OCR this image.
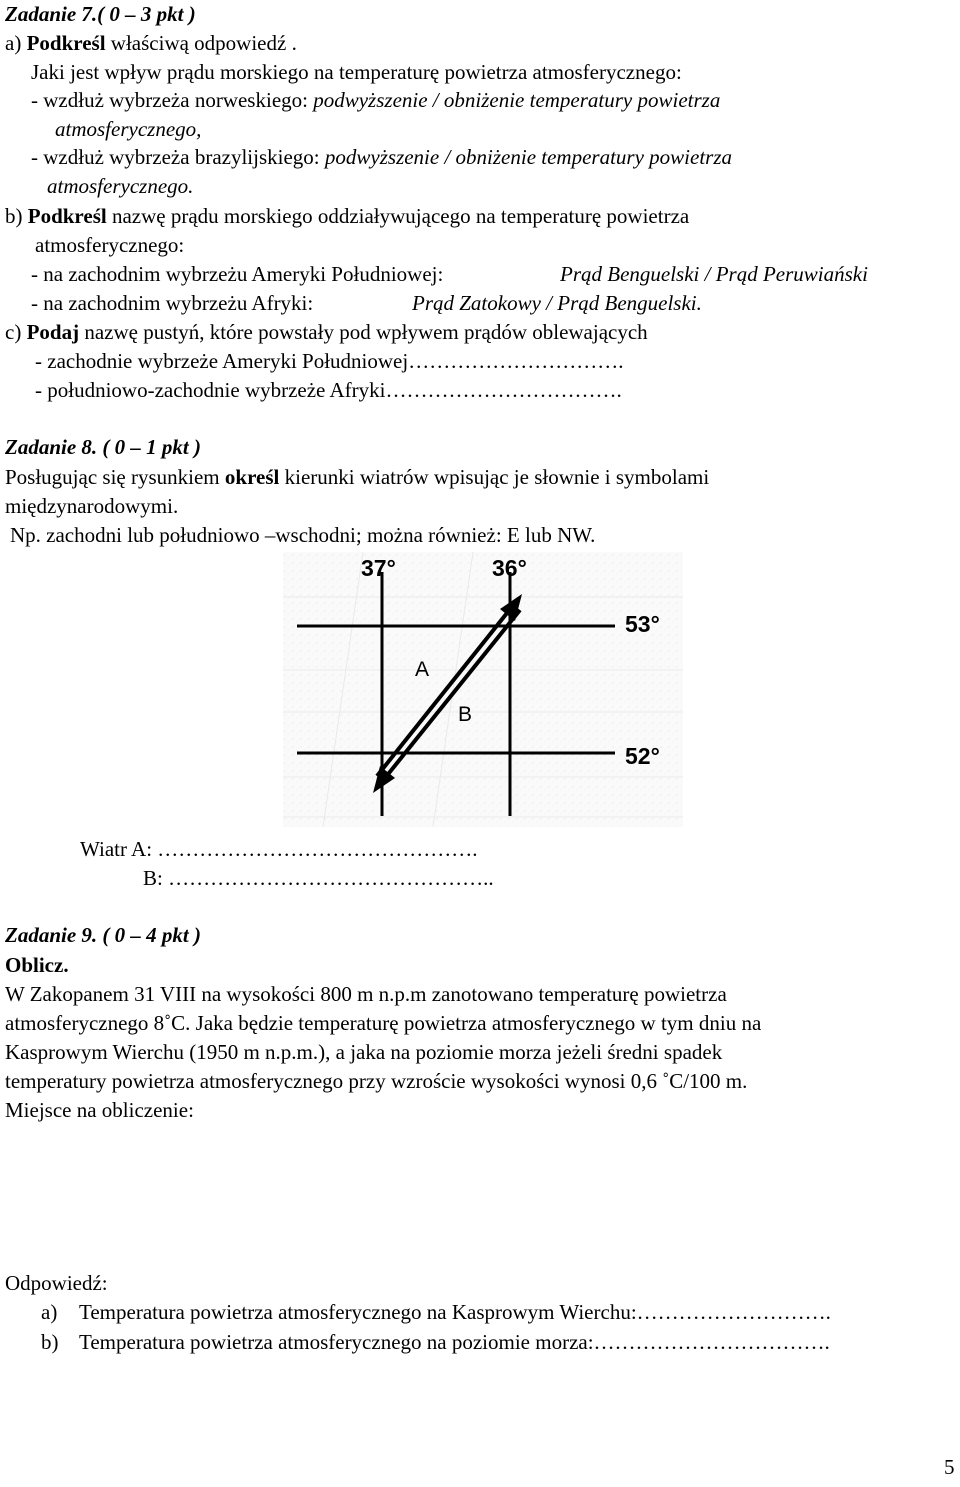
Zadanie 7.( 0 – 3 pkt )
a) Podkreśl właściwą odpowiedź .
Jaki jest wpływ prądu morskiego na temperaturę powietrza atmosferycznego:
- wzdłuż wybrzeża norweskiego: podwyższenie / obniżenie temperatury powietrza
atmosferycznego,
- wzdłuż wybrzeża brazylijskiego: podwyższenie / obniżenie temperatury powietrza
atmosferycznego.
b) Podkreśl nazwę prądu morskiego oddziaływującego na temperaturę powietrza
atmosferycznego:
- na zachodnim wybrzeżu Ameryki Południowej:	Prąd Benguelski / Prąd Peruwiański
- na zachodnim wybrzeżu Afryki:	Prąd Zatokowy / Prąd Benguelski.
c) Podaj nazwę pustyń, które powstały pod wpływem prądów oblewających
- zachodnie wybrzeże Ameryki Południowej………………………….
- południowo-zachodnie wybrzeże Afryki…………………………….
Zadanie 8. ( 0 – 1 pkt )
Posługując się rysunkiem określ kierunki wiatrów wpisując je słownie i symbolami
międzynarodowymi.
Np. zachodni lub południowo –wschodni; można również: E lub NW.
37°	36°
53°
52°
A
B
Wiatr A: ……………………………………….
B: ………………………………………..
Zadanie 9. ( 0 – 4 pkt )
Oblicz.
W Zakopanem 31 VIII na wysokości 800 m n.p.m zanotowano temperaturę powietrza
atmosferycznego 8˚C. Jaka będzie temperaturę powietrza atmosferycznego w tym dniu na
Kasprowym Wierchu (1950 m n.p.m.), a jaka na poziomie morza jeżeli średni spadek
temperatury powietrza atmosferycznego przy wzroście wysokości wynosi 0,6 ˚C/100 m.
Miejsce na obliczenie:
Odpowiedź:
a) Temperatura powietrza atmosferycznego na Kasprowym Wierchu:……………………….
b) Temperatura powietrza atmosferycznego na poziomie morza:…………………………….
5
